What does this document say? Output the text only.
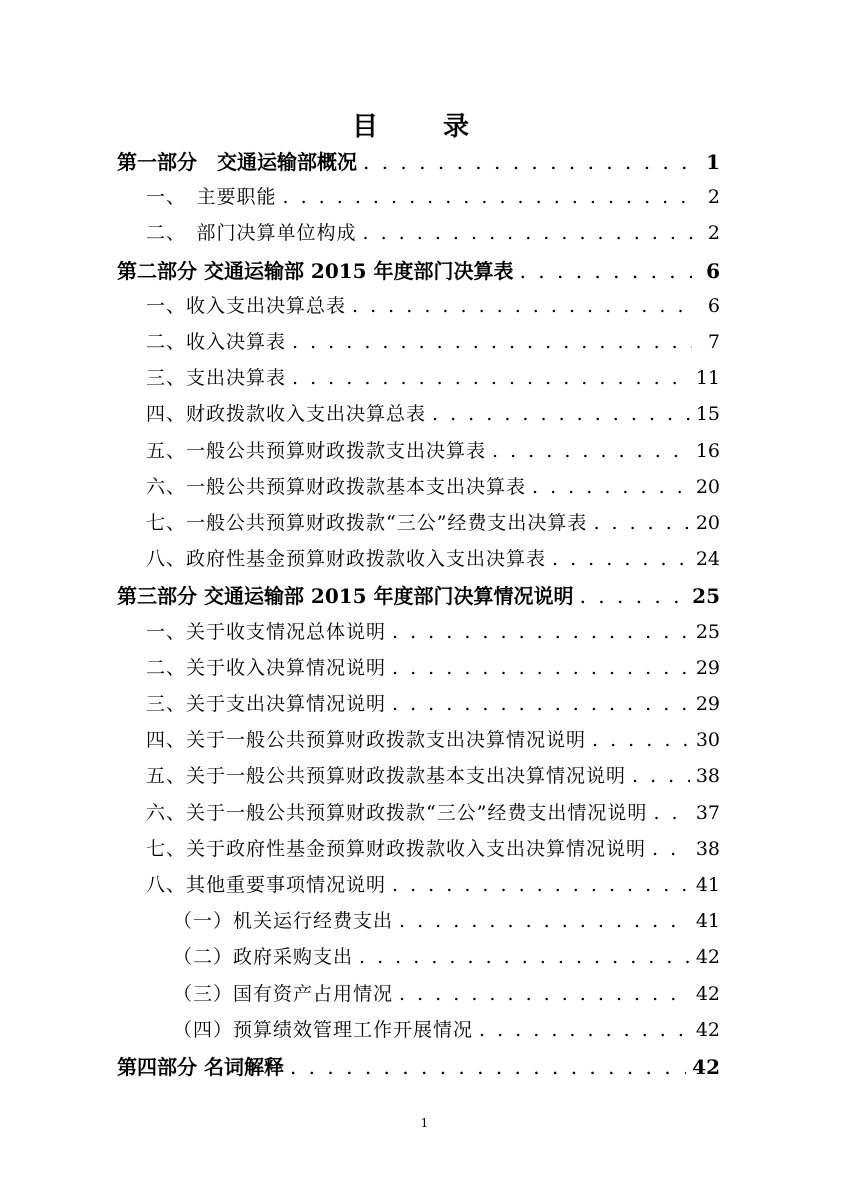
目 录
第一部分　交通运输部概况 . . .	1
一、　主要职能 . . .	2
二、　部门决算单位构成 . . .	2
第二部分 交通运输部 2015 年度部门决算表 . . .	6
一、收入支出决算总表 . . .	6
二、收入决算表 . . .	7
三、支出决算表 . . .	11
四、财政拨款收入支出决算总表 . . .	15
五、一般公共预算财政拨款支出决算表 . . .	16
六、一般公共预算财政拨款基本支出决算表 . . .	20
七、一般公共预算财政拨款“三公”经费支出决算表 . . .	20
八、政府性基金预算财政拨款收入支出决算表 . . .	24
第三部分 交通运输部 2015 年度部门决算情况说明 . . .	25
一、关于收支情况总体说明 . . .	25
二、关于收入决算情况说明 . . .	29
三、关于支出决算情况说明 . . .	29
四、关于一般公共预算财政拨款支出决算情况说明 . . .	30
五、关于一般公共预算财政拨款基本支出决算情况说明 . . .	38
六、关于一般公共预算财政拨款“三公”经费支出情况说明 . . .	37
七、关于政府性基金预算财政拨款收入支出决算情况说明 . . .	38
八、其他重要事项情况说明 . . .	41
（一）机关运行经费支出 . . .	41
（二）政府采购支出 . . .	42
（三）国有资产占用情况 . . .	42
（四）预算绩效管理工作开展情况 . . .	42
第四部分 名词解释 . . .	42
1
